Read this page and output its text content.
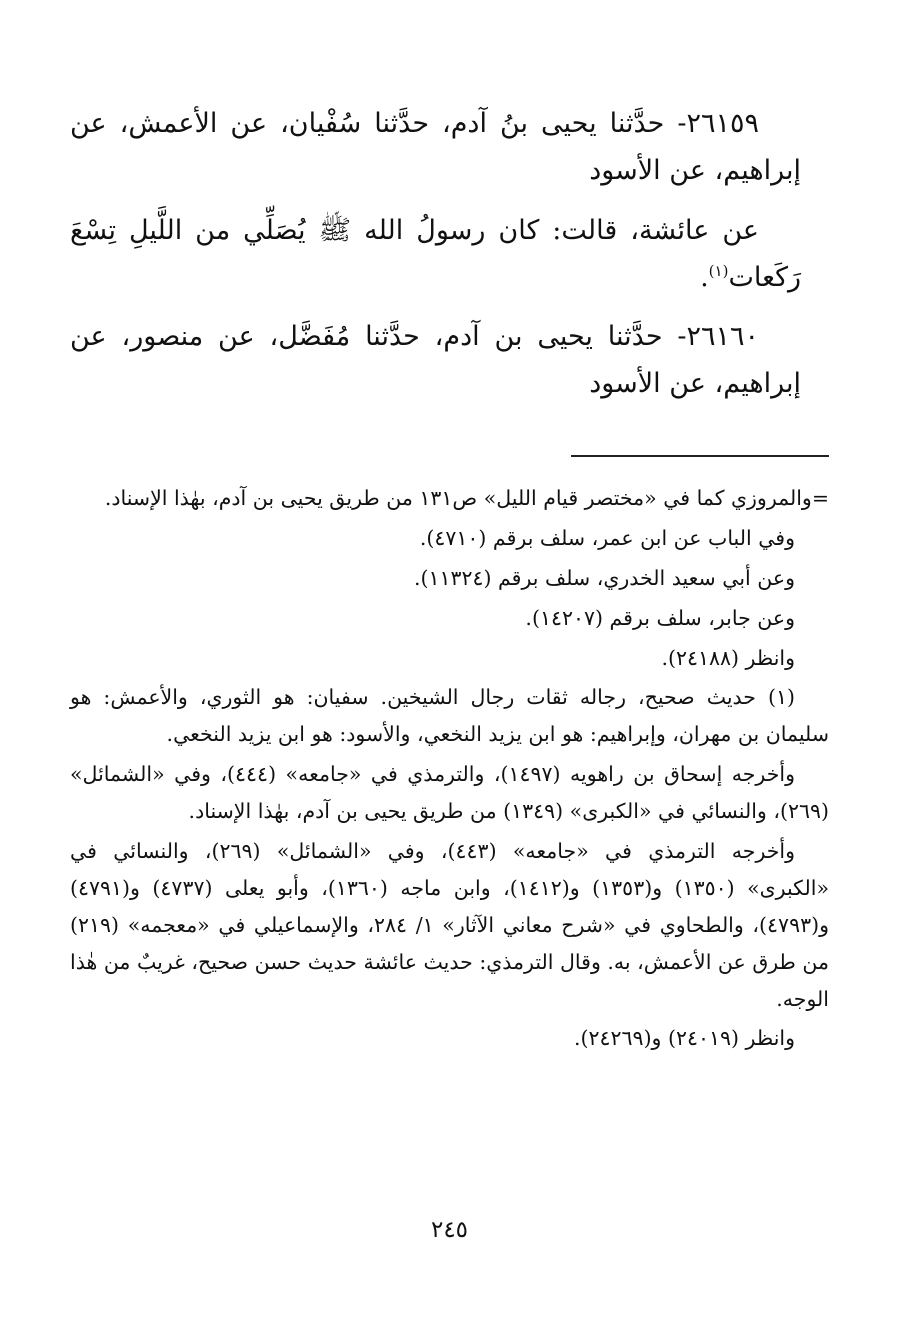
٢٦١٥٩- حدَّثنا يحيى بنُ آدم، حدَّثنا سُفْيان، عن الأعمش، عن إبراهيم، عن الأسود

عن عائشة، قالت: كان رسولُ الله ﷺ يُصَلِّي من اللَّيلِ تِسْعَ رَكَعات$^{(١)}$.

٢٦١٦٠- حدَّثنا يحيى بن آدم، حدَّثنا مُفَضَّل، عن منصور، عن إبراهيم، عن الأسود

=والمروزي كما في «مختصر قيام الليل» ص١٣١ من طريق يحيى بن آدم، بهٰذا الإسناد.

وفي الباب عن ابن عمر، سلف برقم (٤٧١٠).

وعن أبي سعيد الخدري، سلف برقم (١١٣٢٤).

وعن جابر، سلف برقم (١٤٢٠٧).

وانظر (٢٤١٨٨).

(١) حديث صحيح، رجاله ثقات رجال الشيخين. سفيان: هو الثوري، والأعمش: هو سليمان بن مهران، وإبراهيم: هو ابن يزيد النخعي، والأسود: هو ابن يزيد النخعي.

وأخرجه إسحاق بن راهويه (١٤٩٧)، والترمذي في «جامعه» (٤٤٤)، وفي «الشمائل» (٢٦٩)، والنسائي في «الكبرى» (١٣٤٩) من طريق يحيى بن آدم، بهٰذا الإسناد.

وأخرجه الترمذي في «جامعه» (٤٤٣)، وفي «الشمائل» (٢٦٩)، والنسائي في «الكبرى» (١٣٥٠) و(١٣٥٣) و(١٤١٢)، وابن ماجه (١٣٦٠)، وأبو يعلى (٤٧٣٧) و(٤٧٩١) و(٤٧٩٣)، والطحاوي في «شرح معاني الآثار» ١/ ٢٨٤، والإسماعيلي في «معجمه» (٢١٩) من طرق عن الأعمش، به. وقال الترمذي: حديث عائشة حديث حسن صحيح، غريبٌ من هٰذا الوجه.

وانظر (٢٤٠١٩) و(٢٤٢٦٩).

٢٤٥
